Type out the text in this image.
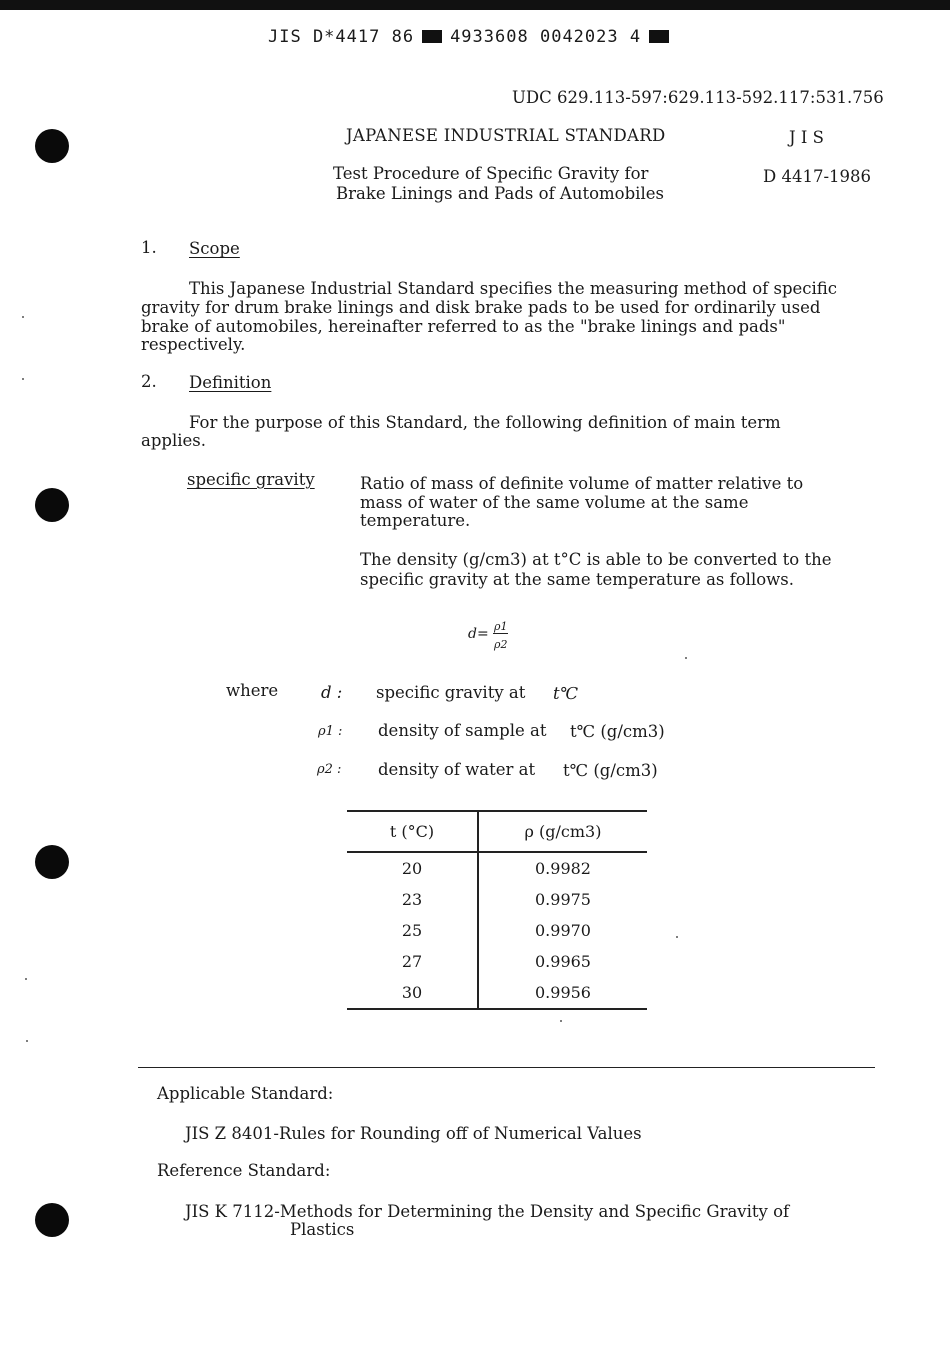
JIS D*4417 86 4933608 0042023 4
UDC 629.113-597:629.113-592.117:531.756
JAPANESE INDUSTRIAL STANDARD	J I S
Test Procedure of Specific Gravity for
Brake Linings and Pads of Automobiles
D 4417-1986
1. Scope
This Japanese Industrial Standard specifies the measuring method of specific
gravity for drum brake linings and disk brake pads to be used for ordinarily used
brake of automobiles, hereinafter referred to as the "brake linings and pads"
respectively.
2. Definition
For the purpose of this Standard, the following definition of main term
applies.
specific gravity	Ratio of mass of definite volume of matter relative to
mass of water of the same volume at the same
temperature.
The density (g/cm3) at t°C is able to be converted to the
specific gravity at the same temperature as follows.
d= ρ1
ρ2
where	d : specific gravity at t℃
ρ1 : density of sample at t℃ (g/cm3)
ρ2 : density of water at t℃ (g/cm3)
t (°C)	ρ (g/cm3)
20	0.9982
23	0.9975
25	0.9970
27	0.9965
30	0.9956
Applicable Standard:
JIS Z 8401-Rules for Rounding off of Numerical Values
Reference Standard:
JIS K 7112-Methods for Determining the Density and Specific Gravity of
Plastics
